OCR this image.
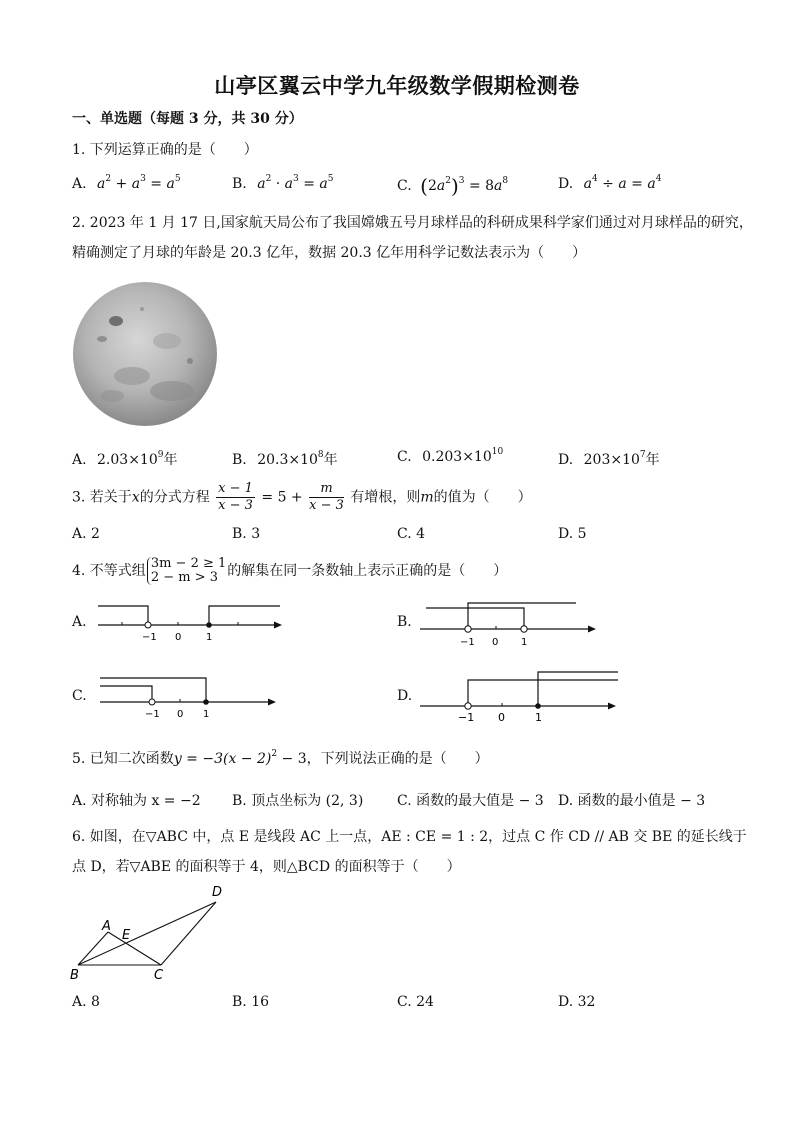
山亭区翼云中学九年级数学假期检测卷
一、单选题（每题 3 分，共 30 分）
1. 下列运算正确的是（　　）
A. $a^2 + a^3 = a^5$	B. $a^2 \cdot a^3 = a^5$	C. $(2a^2)^3 = 8a^8$	D. $a^4 \div a = a^4$
2. 2023 年 1 月 17 日,国家航天局公布了我国嫦娥五号月球样品的科研成果科学家们通过对月球样品的研究，
精确测定了月球的年龄是 20.3 亿年，数据 20.3 亿年用科学记数法表示为（　　）
A. $2.03\times 10^9$年	B. $20.3\times 10^8$年	C. $0.203\times 10^{10}$	D. $203\times 10^7$年
3. 若关于x的分式方程 $\frac{x - 1}{x - 3} = 5 + \frac{m}{x - 3}$ 有增根，则m的值为（　　）
A. 2	B. 3	C. 4	D. 5
4. 不等式组 3m − 2 ≥ 1
2 − m > 3 的解集在同一条数轴上表示正确的是（　　）
A.	B.
C.	D.
−1 0 1	−1 0 1
−1 0 1	−1 0	1
5. 已知二次函数$y = -3(x - 2)^2 - 3$，下列说法正确的是（　　）
A. 对称轴为 x = −2 B. 顶点坐标为 (2, 3) C. 函数的最大值是 − 3 D. 函数的最小值是 − 3
6. 如图，在▽ABC 中，点 E 是线段 AC 上一点，AE : CE = 1 : 2，过点 C 作 CD // AB 交 BE 的延长线于
点 D，若▽ABE 的面积等于 4，则△BCD 的面积等于（　　）
A
B	C
D
E
A. 8	B. 16	C. 24	D. 32
